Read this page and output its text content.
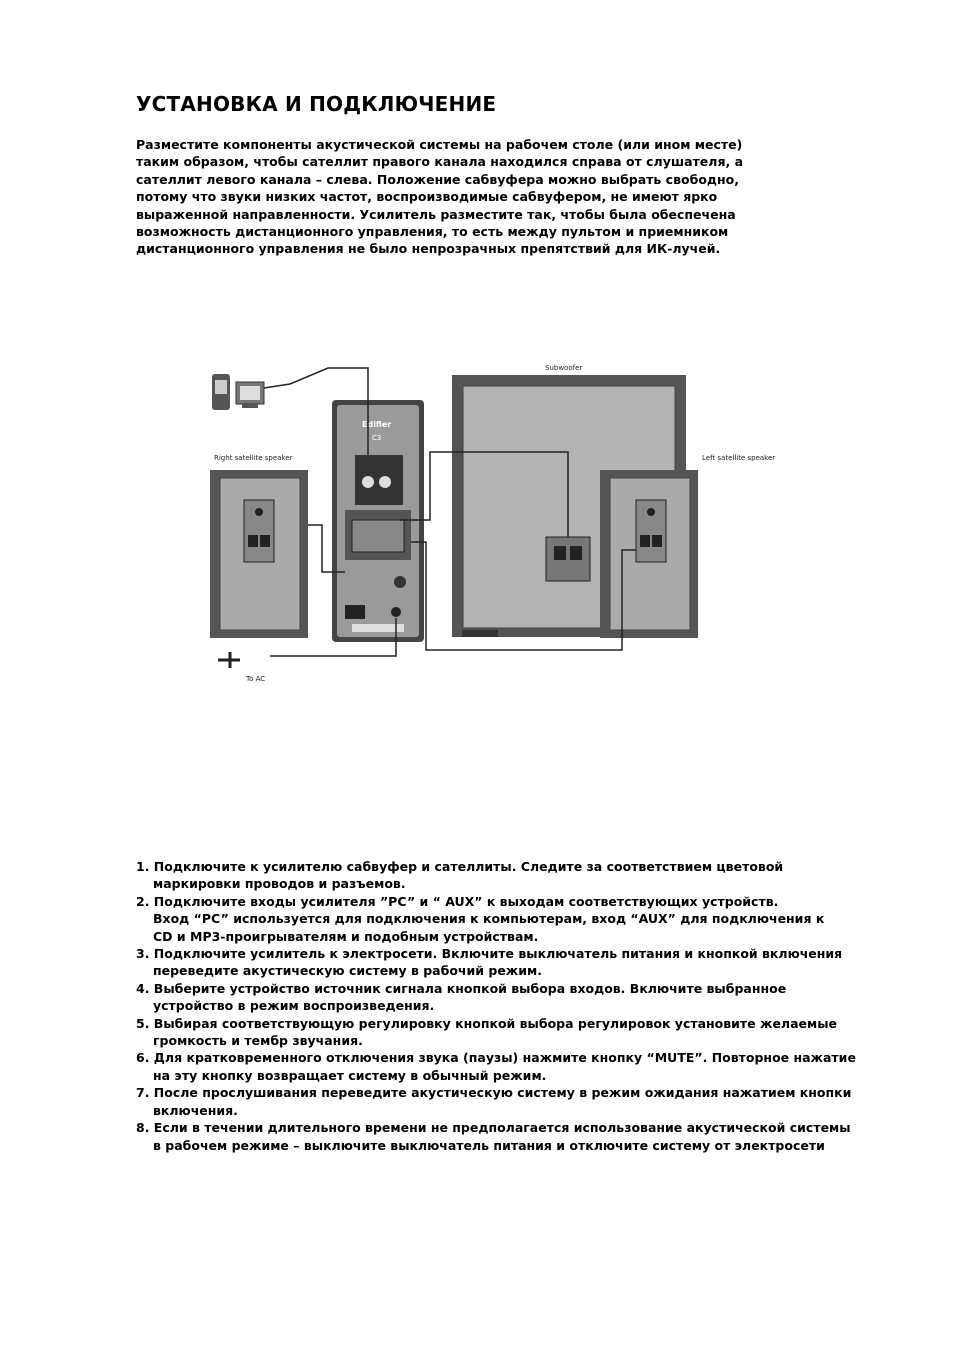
УСТАНОВКА И ПОДКЛЮЧЕНИЕ
Разместите компоненты акустической системы на рабочем столе (или ином месте)
таким образом, чтобы сателлит правого канала находился справа от слушателя, а
сателлит левого канала – слева. Положение сабвуфера можно выбрать свободно,
потому что звуки низких частот, воспроизводимые сабвуфером, не имеют ярко
выраженной направленности. Усилитель разместите так, чтобы была обеспечена
возможность дистанционного управления, то есть между пультом и приемником
дистанционного управления не было непрозрачных препятствий для ИК-лучей.
Subwoofer
Right satellite speaker	Left satellite speaker
Edifier
C3
To AC
1. Подключите к усилителю сабвуфер и сателлиты. Следите за соответствием цветовой
маркировки проводов и разъемов.
2. Подключите входы усилителя ”PC” и “ AUX” к выходам соответствующих устройств.
Вход “PC” используется для подключения к компьютерам, вход “AUX” для подключения к
CD и MP3-проигрывателям и подобным устройствам.
3. Подключите усилитель к электросети. Включите выключатель питания и кнопкой включения
переведите акустическую систему в рабочий режим.
4. Выберите устройство источник сигнала кнопкой выбора входов. Включите выбранное
устройство в режим воспроизведения.
5. Выбирая соответствующую регулировку кнопкой выбора регулировок установите желаемые
громкость и тембр звучания.
6. Для кратковременного отключения звука (паузы) нажмите кнопку “MUTE”. Повторное нажатие
на эту кнопку возвращает систему в обычный режим.
7. После прослушивания переведите акустическую систему в режим ожидания нажатием кнопки
включения.
8. Если в течении длительного времени не предполагается использование акустической системы
в рабочем режиме – выключите выключатель питания и отключите систему от электросети
